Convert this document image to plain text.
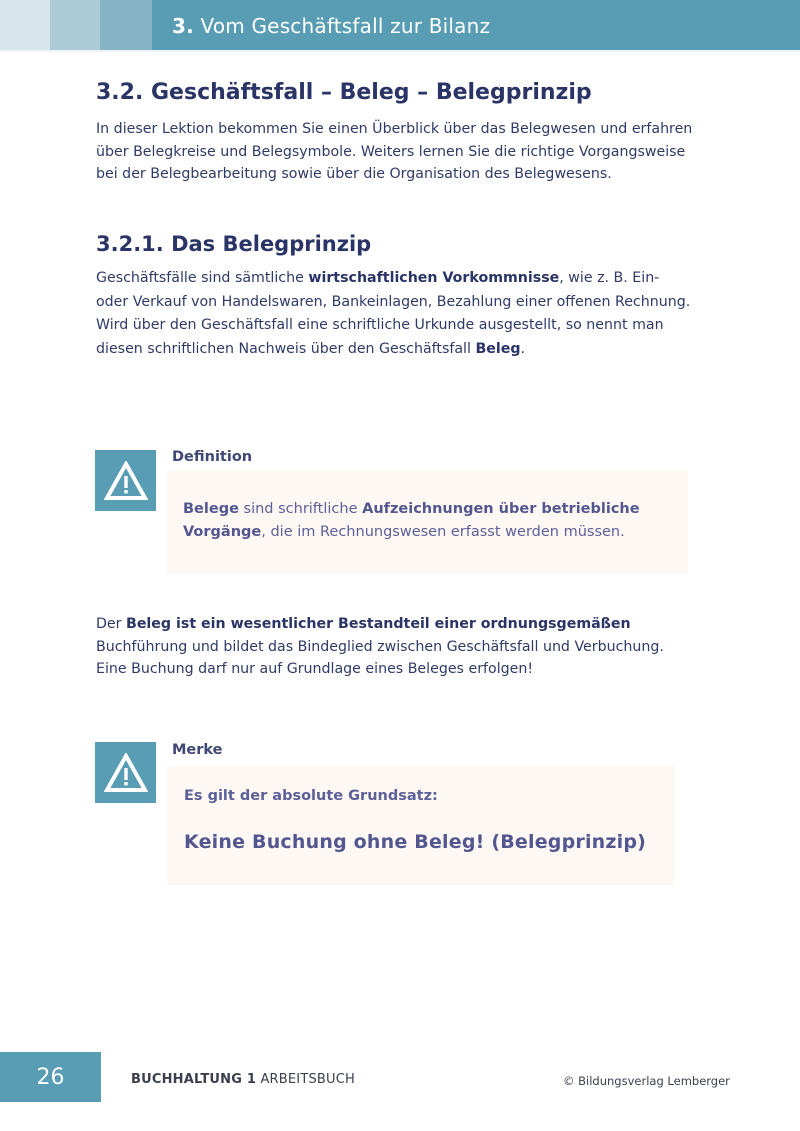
3. Vom Geschäftsfall zur Bilanz
3.2. Geschäftsfall – Beleg – Belegprinzip

In dieser Lektion bekommen Sie einen Überblick über das Belegwesen und erfahren über Belegkreise und Belegsymbole. Weiters lernen Sie die richtige Vorgangsweise bei der Belegbearbeitung sowie über die Organisation des Belegwesens.

3.2.1. Das Belegprinzip

Geschäftsfälle sind sämtliche wirtschaftlichen Vorkommnisse, wie z. B. Ein- oder Verkauf von Handelswaren, Bankeinlagen, Bezahlung einer offenen Rechnung. Wird über den Geschäftsfall eine schriftliche Urkunde ausgestellt, so nennt man diesen schriftlichen Nachweis über den Geschäftsfall Beleg.

Definition
Belege sind schriftliche Aufzeichnungen über betriebliche Vorgänge, die im Rechnungswesen erfasst werden müssen.

Der Beleg ist ein wesentlicher Bestandteil einer ordnungsgemäßen Buchführung und bildet das Bindeglied zwischen Geschäftsfall und Verbuchung. Eine Buchung darf nur auf Grundlage eines Beleges erfolgen!

Merke
Es gilt der absolute Grundsatz:
Keine Buchung ohne Beleg! (Belegprinzip)
26	BUCHHALTUNG 1 ARBEITSBUCH	© Bildungsverlag Lemberger
